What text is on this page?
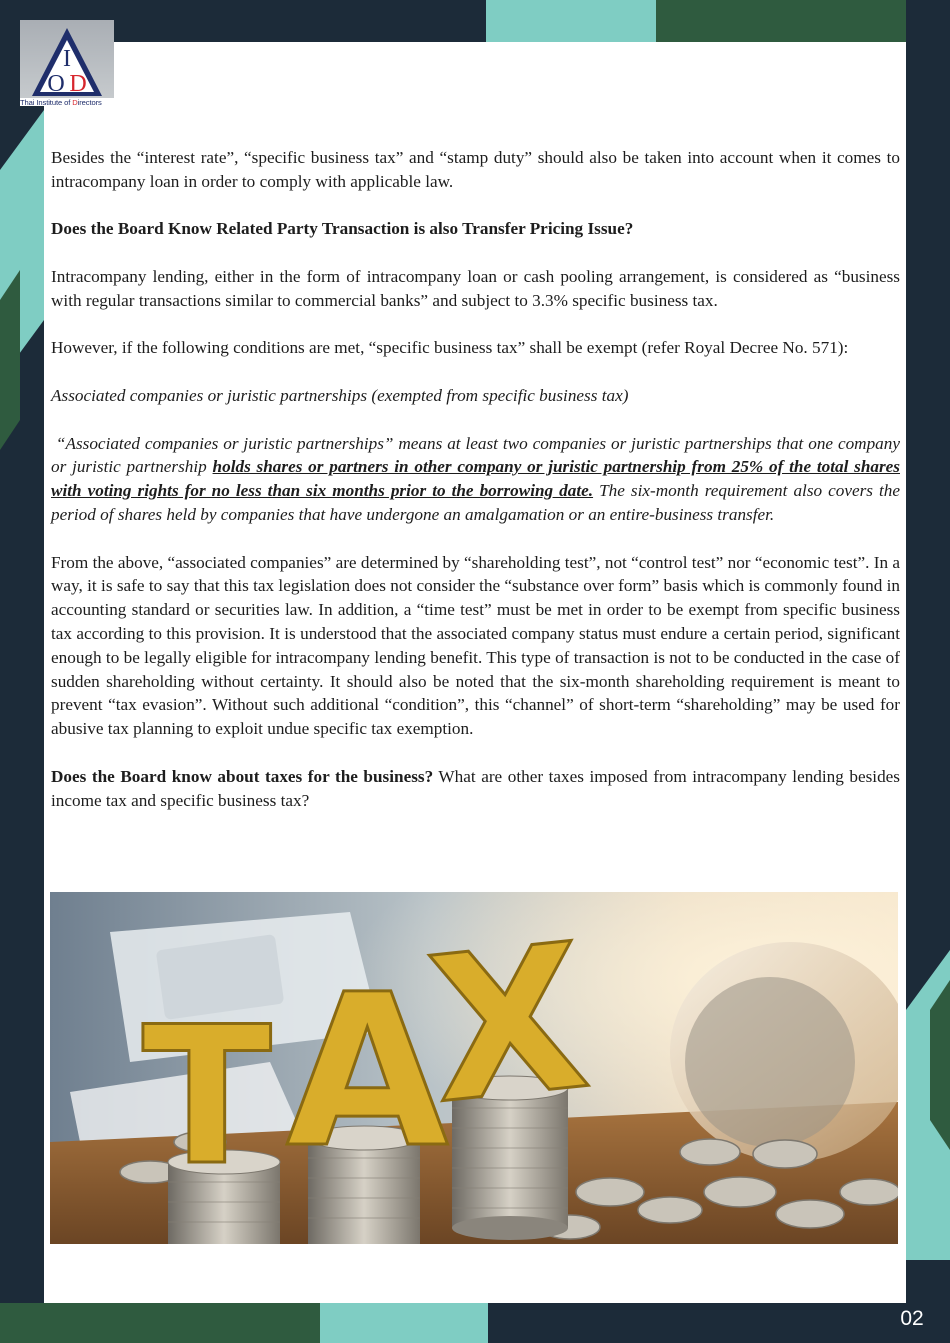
I
O D
Thai Institute of Directors

Besides the “interest rate”, “specific business tax” and “stamp duty” should also be taken into account when it comes to intracompany loan in order to comply with applicable law.

Does the Board Know Related Party Transaction is also Transfer Pricing Issue?

Intracompany lending, either in the form of intracompany loan or cash pooling arrangement, is considered as “business with regular transactions similar to commercial banks” and subject to 3.3% specific business tax.

However, if the following conditions are met, “specific business tax” shall be exempt (refer Royal Decree No. 571):

Associated companies or juristic partnerships (exempted from specific business tax)

“Associated companies or juristic partnerships” means at least two companies or juristic partnerships that one company or juristic partnership holds shares or partners in other company or juristic partnership from 25% of the total shares with voting rights for no less than six months prior to the borrowing date. The six-month requirement also covers the period of shares held by companies that have undergone an amalgamation or an entire-business transfer.

From the above, “associated companies” are determined by “shareholding test”, not “control test” nor “economic test”. In a way, it is safe to say that this tax legislation does not consider the “substance over form” basis which is commonly found in accounting standard or securities law. In addition, a “time test” must be met in order to be exempt from specific business tax according to this provision. It is understood that the associated company status must endure a certain period, significant enough to be legally eligible for intracompany lending benefit. This type of transaction is not to be conducted in the case of sudden shareholding without certainty. It should also be noted that the six-month shareholding requirement is meant to prevent “tax evasion”. Without such additional “condition”, this “channel” of short-term “shareholding” may be used for abusive tax planning to exploit undue specific tax exemption.

Does the Board know about taxes for the business? What are other taxes imposed from intracompany lending besides income tax and specific business tax?

T A
X
02
